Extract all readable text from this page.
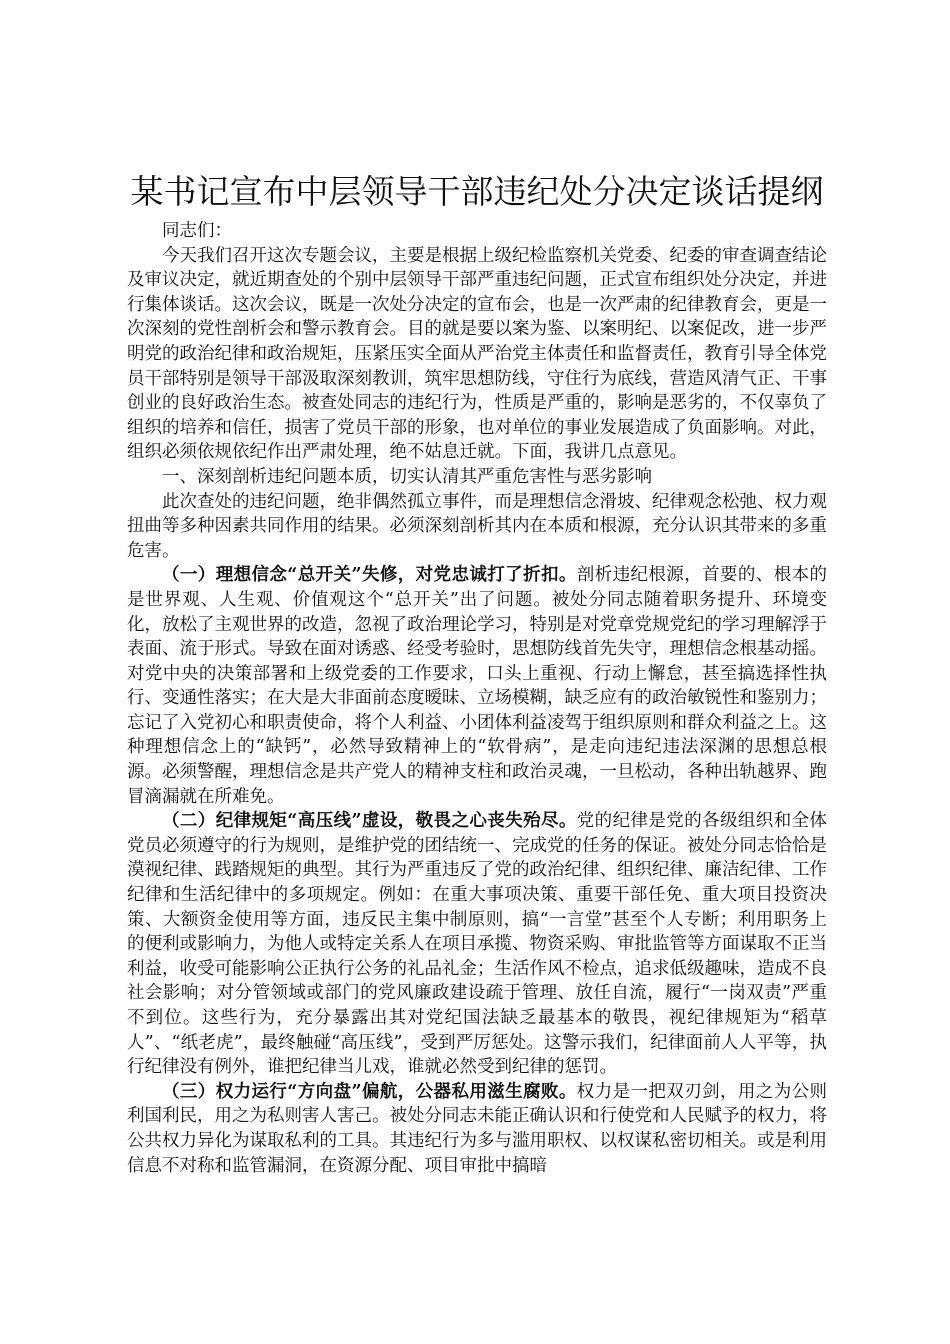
某书记宣布中层领导干部违纪处分决定谈话提纲

同志们：

今天我们召开这次专题会议，主要是根据上级纪检监察机关党委、纪委的审查调查结论及审议决定，就近期查处的个别中层领导干部严重违纪问题，正式宣布组织处分决定，并进行集体谈话。这次会议，既是一次处分决定的宣布会，也是一次严肃的纪律教育会，更是一次深刻的党性剖析会和警示教育会。目的就是要以案为鉴、以案明纪、以案促改，进一步严明党的政治纪律和政治规矩，压紧压实全面从严治党主体责任和监督责任，教育引导全体党员干部特别是领导干部汲取深刻教训，筑牢思想防线，守住行为底线，营造风清气正、干事创业的良好政治生态。被查处同志的违纪行为，性质是严重的，影响是恶劣的，不仅辜负了组织的培养和信任，损害了党员干部的形象，也对单位的事业发展造成了负面影响。对此，组织必须依规依纪作出严肃处理，绝不姑息迁就。下面，我讲几点意见。

一、深刻剖析违纪问题本质，切实认清其严重危害性与恶劣影响

此次查处的违纪问题，绝非偶然孤立事件，而是理想信念滑坡、纪律观念松弛、权力观扭曲等多种因素共同作用的结果。必须深刻剖析其内在本质和根源，充分认识其带来的多重危害。

（一）理想信念“总开关”失修，对党忠诚打了折扣。剖析违纪根源，首要的、根本的是世界观、人生观、价值观这个“总开关”出了问题。被处分同志随着职务提升、环境变化，放松了主观世界的改造，忽视了政治理论学习，特别是对党章党规党纪的学习理解浮于表面、流于形式。导致在面对诱惑、经受考验时，思想防线首先失守，理想信念根基动摇。对党中央的决策部署和上级党委的工作要求，口头上重视、行动上懈怠，甚至搞选择性执行、变通性落实；在大是大非面前态度暧昧、立场模糊，缺乏应有的政治敏锐性和鉴别力；忘记了入党初心和职责使命，将个人利益、小团体利益凌驾于组织原则和群众利益之上。这种理想信念上的“缺钙”，必然导致精神上的“软骨病”，是走向违纪违法深渊的思想总根源。必须警醒，理想信念是共产党人的精神支柱和政治灵魂，一旦松动，各种出轨越界、跑冒滴漏就在所难免。

（二）纪律规矩“高压线”虚设，敬畏之心丧失殆尽。党的纪律是党的各级组织和全体党员必须遵守的行为规则，是维护党的团结统一、完成党的任务的保证。被处分同志恰恰是漠视纪律、践踏规矩的典型。其行为严重违反了党的政治纪律、组织纪律、廉洁纪律、工作纪律和生活纪律中的多项规定。例如：在重大事项决策、重要干部任免、重大项目投资决策、大额资金使用等方面，违反民主集中制原则，搞“一言堂”甚至个人专断；利用职务上的便利或影响力，为他人或特定关系人在项目承揽、物资采购、审批监管等方面谋取不正当利益，收受可能影响公正执行公务的礼品礼金；生活作风不检点，追求低级趣味，造成不良社会影响；对分管领域或部门的党风廉政建设疏于管理、放任自流，履行“一岗双责”严重不到位。这些行为，充分暴露出其对党纪国法缺乏最基本的敬畏，视纪律规矩为“稻草人”、“纸老虎”，最终触碰“高压线”，受到严厉惩处。这警示我们，纪律面前人人平等，执行纪律没有例外，谁把纪律当儿戏，谁就必然受到纪律的惩罚。

（三）权力运行“方向盘”偏航，公器私用滋生腐败。权力是一把双刃剑，用之为公则利国利民，用之为私则害人害己。被处分同志未能正确认识和行使党和人民赋予的权力，将公共权力异化为谋取私利的工具。其违纪行为多与滥用职权、以权谋私密切相关。或是利用信息不对称和监管漏洞，在资源分配、项目审批中搞暗
